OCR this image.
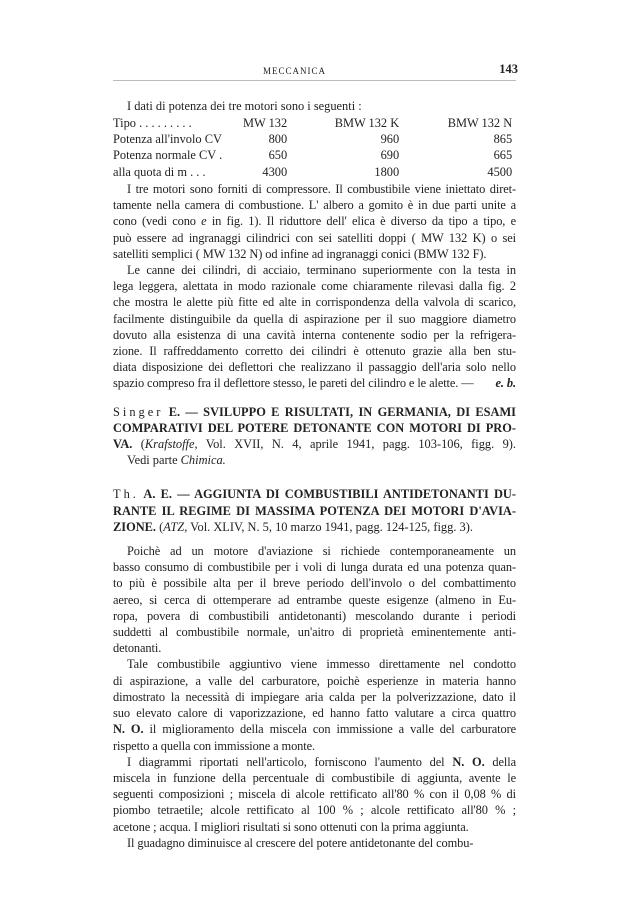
MECCANICA	143
I dati di potenza dei tre motori sono i seguenti :
Tipo . . . . . . . . .	MW 132	BMW 132 K	BMW 132 N
Potenza all'involo CV	800	960	865
Potenza normale CV .	650	690	665
alla quota di m . . .	4300	1800	4500
I tre motori sono forniti di compressore. Il combustibile viene iniettato diret-
tamente nella camera di combustione. L' albero a gomito è in due parti unite a
cono (vedi cono e in fig. 1). Il riduttore dell' elica è diverso da tipo a tipo, e
può essere ad ingranaggi cilindrici con sei satelliti doppi ( MW 132 K) o sei
satelliti semplici ( MW 132 N) od infine ad ingranaggi conici (BMW 132 F).
Le canne dei cilindri, di acciaio, terminano superiormente con la testa in
lega leggera, alettata in modo razionale come chiaramente rilevasi dalla fig. 2
che mostra le alette più fitte ed alte in corrispondenza della valvola di scarico,
facilmente distinguibile da quella di aspirazione per il suo maggiore diametro
dovuto alla esistenza di una cavità interna contenente sodio per la refrigera-
zione. Il raffreddamento corretto dei cilindri è ottenuto grazie alla ben stu-
diata disposizione dei deflettori che realizzano il passaggio dell'aria solo nello
e. b.
spazio compreso fra il deflettore stesso, le pareti del cilindro e le alette. —
Singer E. — SVILUPPO E RISULTATI, IN GERMANIA, DI ESAMI
COMPARATIVI DEL POTERE DETONANTE CON MOTORI DI PRO-
VA. (Krafstoffe, Vol. XVII, N. 4, aprile 1941, pagg. 103-106, figg. 9).
Vedi parte Chimica.
Th. A. E. — AGGIUNTA DI COMBUSTIBILI ANTIDETONANTI DU-
RANTE IL REGIME DI MASSIMA POTENZA DEI MOTORI D'AVIA-
ZIONE. (ATZ, Vol. XLIV, N. 5, 10 marzo 1941, pagg. 124-125, figg. 3).
Poichè ad un motore d'aviazione si richiede contemporaneamente un
basso consumo di combustibile per i voli di lunga durata ed una potenza quan-
to più è possibile alta per il breve periodo dell'involo o del combattimento
aereo, si cerca di ottemperare ad entrambe queste esigenze (almeno in Eu-
ropa, povera di combustibili antidetonanti) mescolando durante i periodi
suddetti al combustibile normale, un'aitro di proprietà eminentemente anti-
detonanti.
Tale combustibile aggiuntivo viene immesso direttamente nel condotto
di aspirazione, a valle del carburatore, poichè esperienze in materia hanno
dimostrato la necessità di impiegare aria calda per la polverizzazione, dato il
suo elevato calore di vaporizzazione, ed hanno fatto valutare a circa quattro
N. O. il miglioramento della miscela con immissione a valle del carburatore
rispetto a quella con immissione a monte.
I diagrammi riportati nell'articolo, forniscono l'aumento del N. O. della
miscela in funzione della percentuale di combustibile di aggiunta, avente le
seguenti composizioni ; miscela di alcole rettificato all'80 % con il 0,08 % di
piombo tetraetile; alcole rettificato al 100 % ; alcole rettificato all'80 % ;
acetone ; acqua. I migliori risultati si sono ottenuti con la prima aggiunta.
Il guadagno diminuisce al crescere del potere antidetonante del combu-
